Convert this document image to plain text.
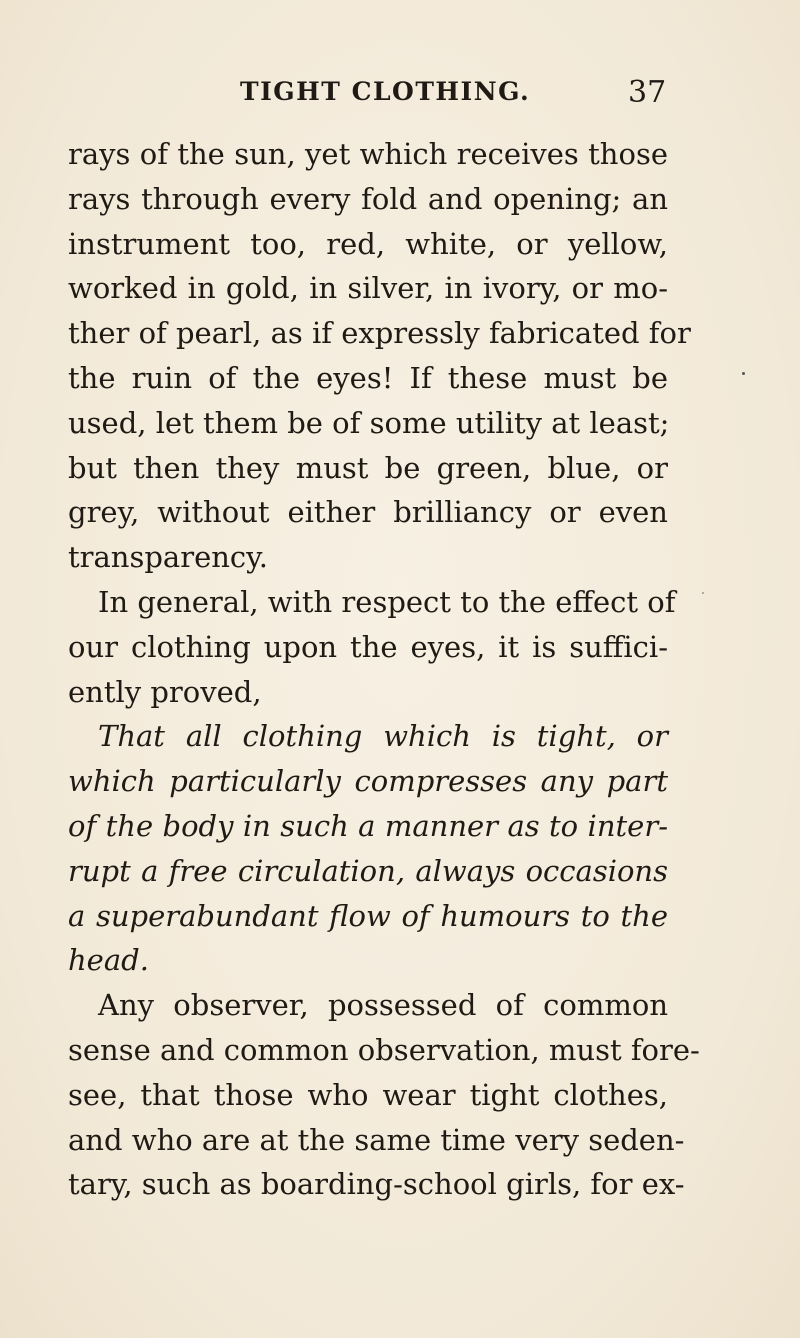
TIGHT CLOTHING.	37
rays of the sun, yet which receives those
rays through every fold and opening; an
instrument too, red, white, or yellow,
worked in gold, in silver, in ivory, or mo-
ther of pearl, as if expressly fabricated for
the ruin of the eyes! If these must be
used, let them be of some utility at least;
but then they must be green, blue, or
grey, without either brilliancy or even
transparency.
In general, with respect to the effect of
our clothing upon the eyes, it is suffici-
ently proved,
That all clothing which is tight, or
which particularly compresses any part
of the body in such a manner as to inter-
rupt a free circulation, always occasions
a superabundant flow of humours to the
head.
Any observer, possessed of common
sense and common observation, must fore-
see, that those who wear tight clothes,
and who are at the same time very seden-
tary, such as boarding-school girls, for ex-
